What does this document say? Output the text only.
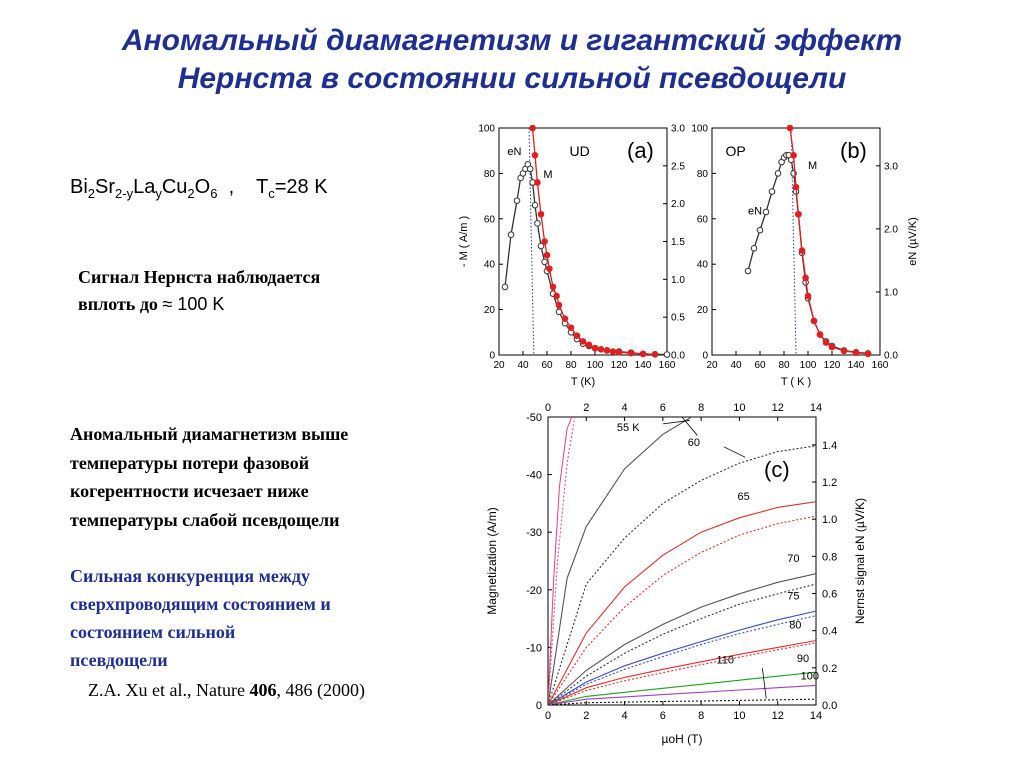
Аномальный диамагнетизм и гигантский эффект
Нернста в состоянии сильной псевдощели
$Bi_2Sr_{2-y}La_yCu_2O_6$  ,    $T_c=28$ K
Сигнал Нернста наблюдается
вплоть до ≈ 100 K
Аномальный диамагнетизм выше
температуры потери фазовой
когерентности исчезает ниже
температуры слабой псевдощели
Сильная конкуренция между
сверхпроводящим состоянием и
состоянием сильной
псевдощели
Z.A. Xu et al., Nature 406, 486 (2000)
20 40 60 80 100 120 140 160
0
20
40
60
80
100
0.0
0.5
1.0
1.5
2.0
2.5
3.0
T (K)
- M ( A/m )
(a)
UD
eN
M
20 40 60 80 100 120 140 160
0
20
40
60
80
100
0.0
1.0
2.0
3.0
T ( K )
eN (µV/K)
(b)
OP
eN
M
0
0
2
2
4
4
6
6
8
8
10
10
12
12
14
14
0
-10
-20
-30
-40
-50
0.0
0.2
0.4
0.6
0.8
1.0
1.2
1.4
µoH (T)
Magnetization (A/m)	Nernst signal eN (µV/K)
(c)
55 K
60
65
70
75
80
90
100
110
